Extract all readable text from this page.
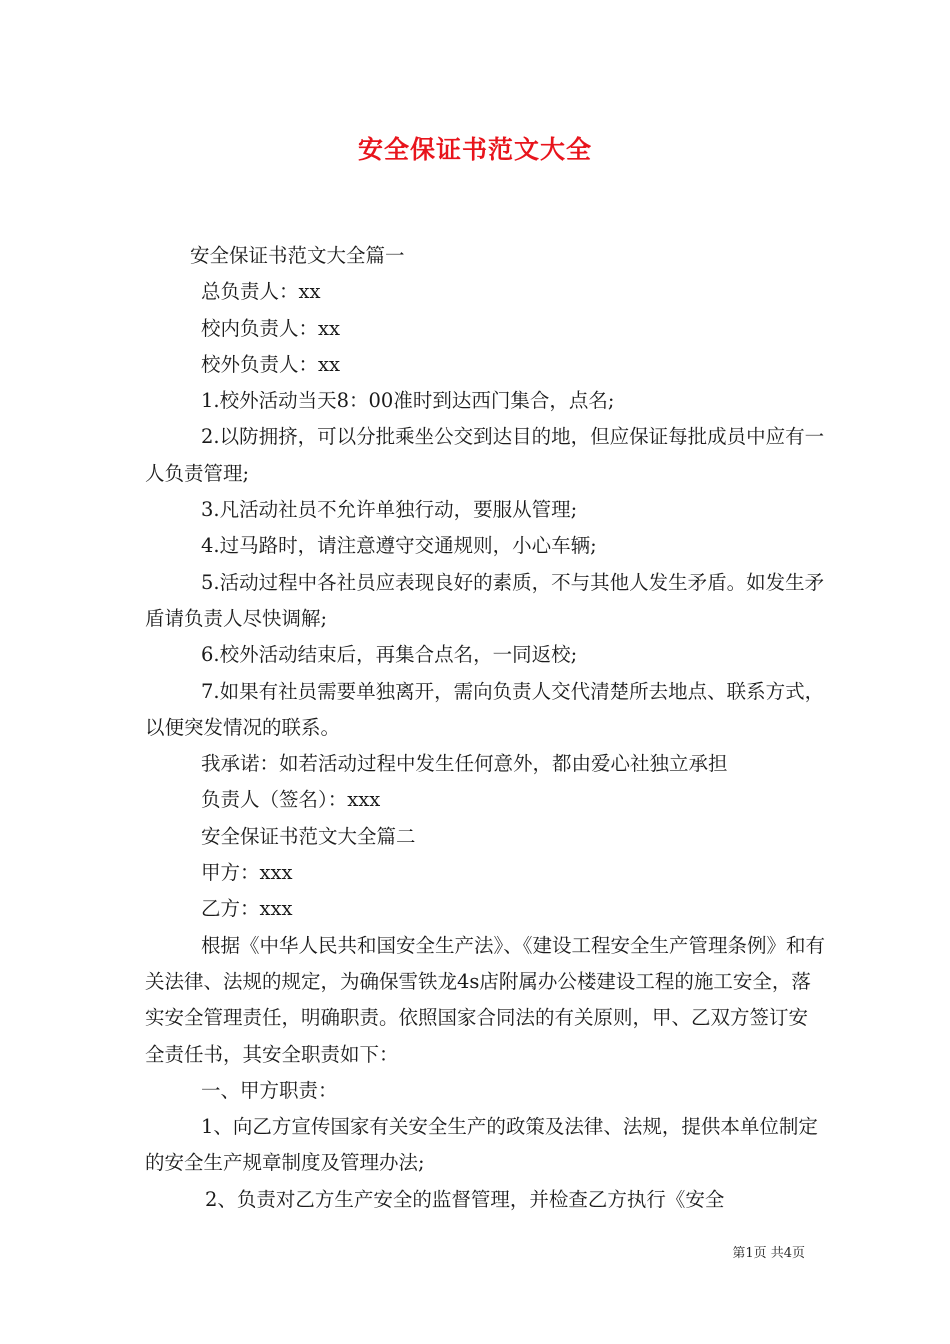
安全保证书范文大全

安全保证书范文大全篇一

总负责人：xx

校内负责人：xx

校外负责人：xx

1.校外活动当天8：00准时到达西门集合，点名;

2.以防拥挤，可以分批乘坐公交到达目的地，但应保证每批成员中应有一人负责管理;

3.凡活动社员不允许单独行动，要服从管理;

4.过马路时，请注意遵守交通规则，小心车辆;

5.活动过程中各社员应表现良好的素质，不与其他人发生矛盾。如发生矛盾请负责人尽快调解;

6.校外活动结束后，再集合点名，一同返校;

7.如果有社员需要单独离开，需向负责人交代清楚所去地点、联系方式，以便突发情况的联系。

我承诺：如若活动过程中发生任何意外，都由爱心社独立承担

负责人（签名）：xxx

安全保证书范文大全篇二

甲方：xxx

乙方：xxx

根据《中华人民共和国安全生产法》、《建设工程安全生产管理条例》和有关法律、法规的规定，为确保雪铁龙4s店附属办公楼建设工程的施工安全，落实安全管理责任，明确职责。依照国家合同法的有关原则，甲、乙双方签订安全责任书，其安全职责如下：

一、甲方职责：

1、向乙方宣传国家有关安全生产的政策及法律、法规，提供本单位制定的安全生产规章制度及管理办法;

2、负责对乙方生产安全的监督管理，并检查乙方执行《安全

第1页 共4页
